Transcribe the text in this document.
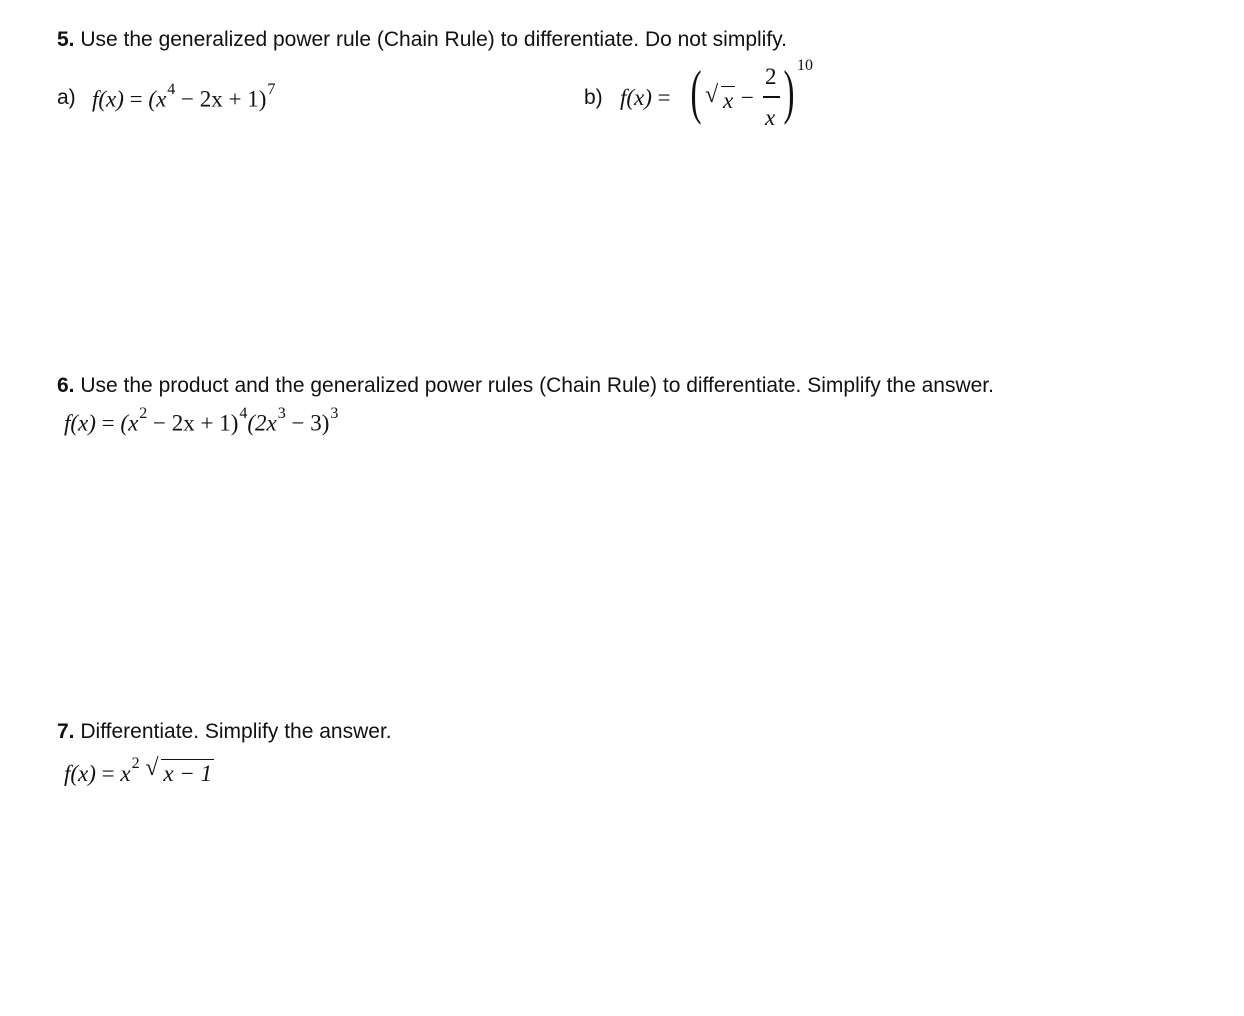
5. Use the generalized power rule (Chain Rule) to differentiate. Do not simplify.
a) $f(x) = (x^4 - 2x + 1)^7$	b) f(x) = ( √ x −
2
x ) 10
6. Use the product and the generalized power rules (Chain Rule) to differentiate. Simplify the answer.
$f(x) = (x^2 - 2x + 1)^4(2x^3 - 3)^3$
7. Differentiate. Simplify the answer.
$f(x) = x^2$ √ x − 1
